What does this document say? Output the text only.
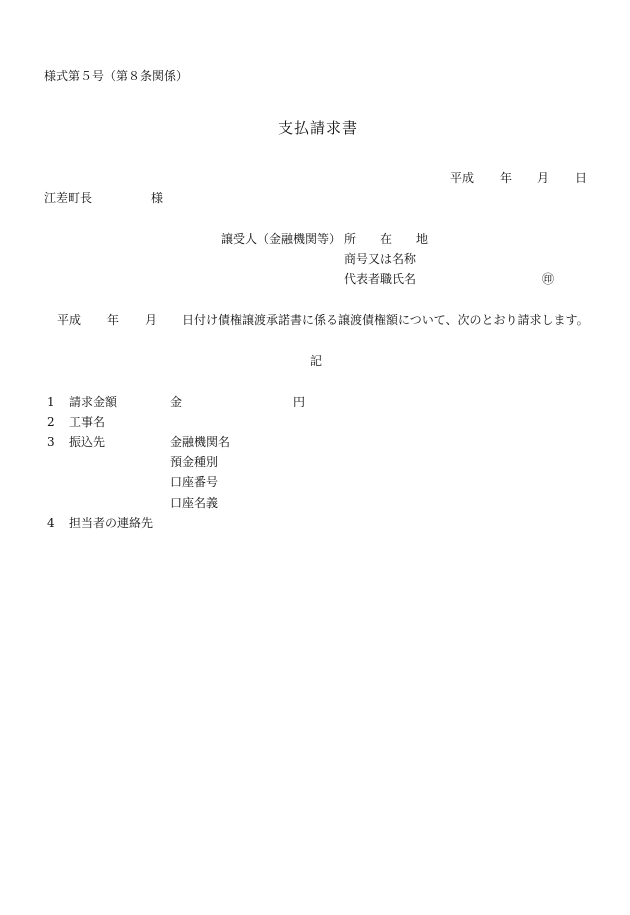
様式第５号（第８条関係）
支払請求書
平成 年 月 日
江差町長	様
譲受人（金融機関等） 所　　在　　地
商号又は名称
代表者職氏名	㊞
平成 年 月 日付け債権譲渡承諾書に係る譲渡債権額について、次のとおり請求します。
記
1 請求金額	金	円
2 工事名
3 振込先	金融機関名
預金種別
口座番号
口座名義
4 担当者の連絡先
